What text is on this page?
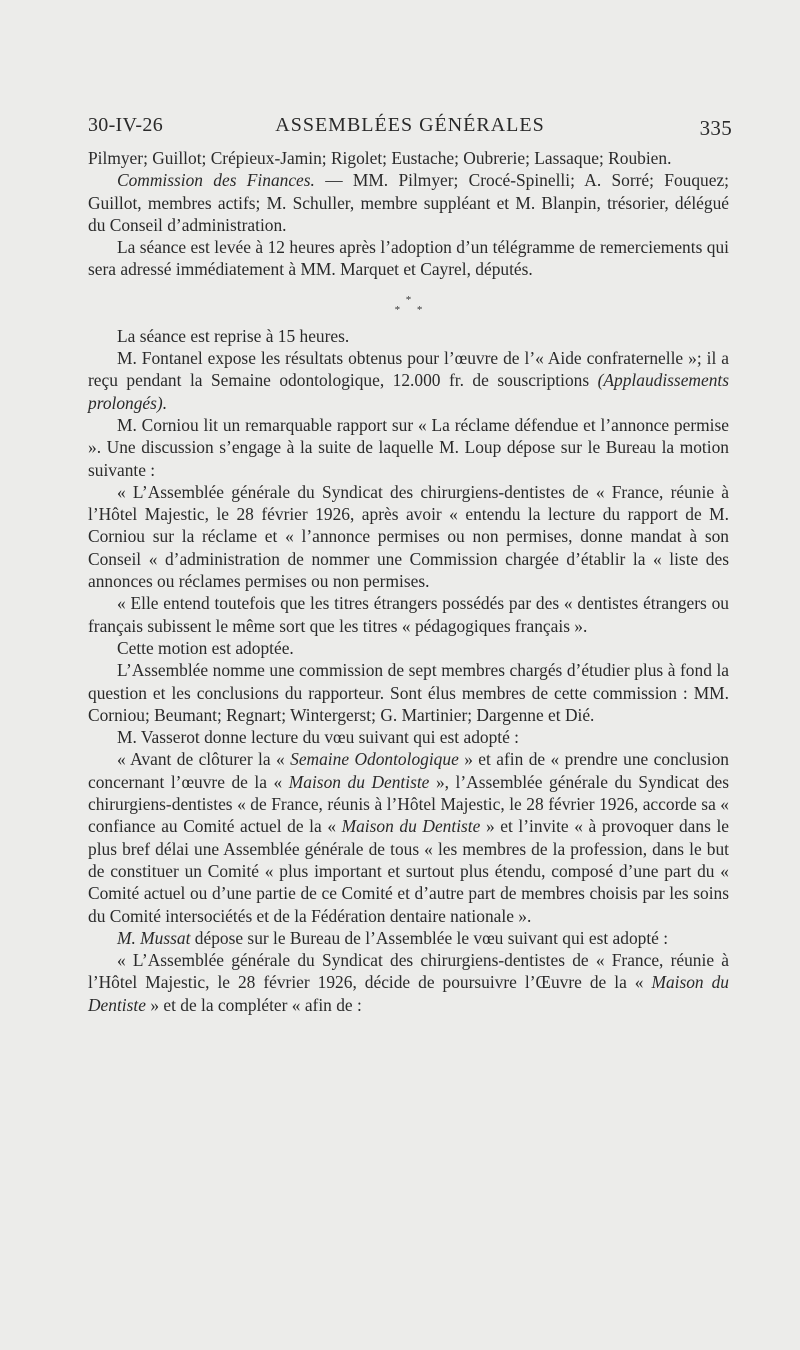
30-IV-26	ASSEMBLÉES GÉNÉRALES	335

Pilmyer; Guillot; Crépieux-Jamin; Rigolet; Eustache; Oubrerie; Lassaque; Roubien.

Commission des Finances. — MM. Pilmyer; Crocé-Spinelli; A. Sorré; Fouquez; Guillot, membres actifs; M. Schuller, membre suppléant et M. Blanpin, trésorier, délégué du Conseil d’administration.

La séance est levée à 12 heures après l’adoption d’un télégramme de remerciements qui sera adressé immédiatement à MM. Marquet et Cayrel, députés.

*
* *

La séance est reprise à 15 heures.

M. Fontanel expose les résultats obtenus pour l’œuvre de l’« Aide confraternelle »; il a reçu pendant la Semaine odontologique, 12.000 fr. de souscriptions (Applaudissements prolongés).

M. Corniou lit un remarquable rapport sur « La réclame défendue et l’annonce permise ». Une discussion s’engage à la suite de laquelle M. Loup dépose sur le Bureau la motion suivante :

« L’Assemblée générale du Syndicat des chirurgiens-dentistes de « France, réunie à l’Hôtel Majestic, le 28 février 1926, après avoir « entendu la lecture du rapport de M. Corniou sur la réclame et « l’annonce permises ou non permises, donne mandat à son Conseil « d’administration de nommer une Commission chargée d’établir la « liste des annonces ou réclames permises ou non permises.

« Elle entend toutefois que les titres étrangers possédés par des « dentistes étrangers ou français subissent le même sort que les titres « pédagogiques français ».

Cette motion est adoptée.

L’Assemblée nomme une commission de sept membres chargés d’étudier plus à fond la question et les conclusions du rapporteur. Sont élus membres de cette commission : MM. Corniou; Beumant; Regnart; Wintergerst; G. Martinier; Dargenne et Dié.

M. Vasserot donne lecture du vœu suivant qui est adopté :

« Avant de clôturer la « Semaine Odontologique » et afin de « prendre une conclusion concernant l’œuvre de la « Maison du Dentiste », l’Assemblée générale du Syndicat des chirurgiens-dentistes « de France, réunis à l’Hôtel Majestic, le 28 février 1926, accorde sa « confiance au Comité actuel de la « Maison du Dentiste » et l’invite « à provoquer dans le plus bref délai une Assemblée générale de tous « les membres de la profession, dans le but de constituer un Comité « plus important et surtout plus étendu, composé d’une part du « Comité actuel ou d’une partie de ce Comité et d’autre part de membres choisis par les soins du Comité intersociétés et de la Fédération dentaire nationale ».

M. Mussat dépose sur le Bureau de l’Assemblée le vœu suivant qui est adopté :

« L’Assemblée générale du Syndicat des chirurgiens-dentistes de « France, réunie à l’Hôtel Majestic, le 28 février 1926, décide de poursuivre l’Œuvre de la « Maison du Dentiste » et de la compléter « afin de :
